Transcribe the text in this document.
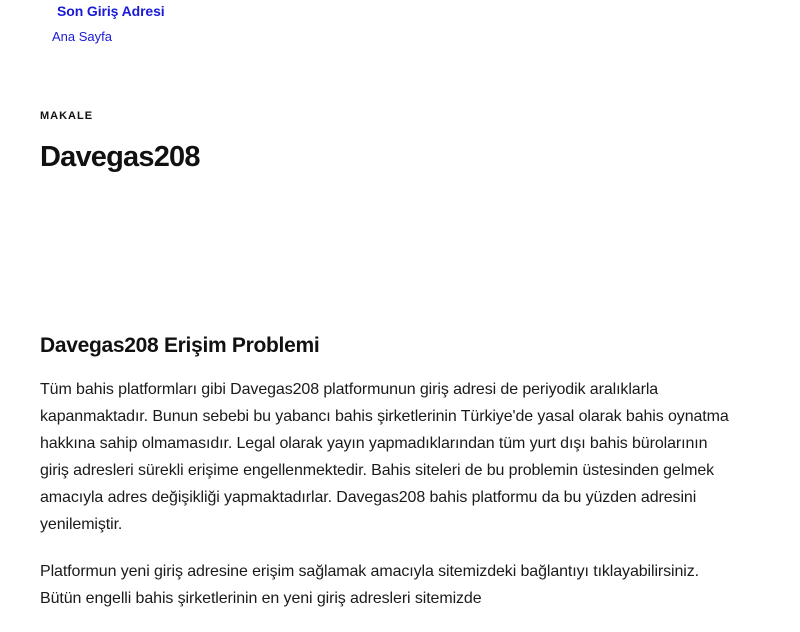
Son Giriş Adresi
Ana Sayfa
MAKALE
Davegas208
Davegas208 Erişim Problemi

Tüm bahis platformları gibi Davegas208 platformunun giriş adresi de periyodik aralıklarla kapanmaktadır. Bunun sebebi bu yabancı bahis şirketlerinin Türkiye'de yasal olarak bahis oynatma hakkına sahip olmamasıdır. Legal olarak yayın yapmadıklarından tüm yurt dışı bahis bürolarının giriş adresleri sürekli erişime engellenmektedir. Bahis siteleri de bu problemin üstesinden gelmek amacıyla adres değişikliği yapmaktadırlar. Davegas208 bahis platformu da bu yüzden adresini yenilemiştir.

Platformun yeni giriş adresine erişim sağlamak amacıyla sitemizdeki bağlantıyı tıklayabilirsiniz. Bütün engelli bahis şirketlerinin en yeni giriş adresleri sitemizde
